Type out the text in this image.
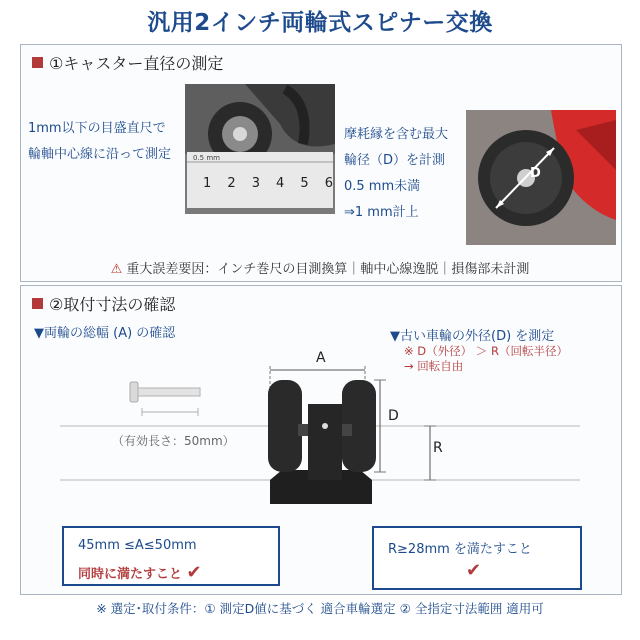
汎用2インチ両輪式スピナー交換
①キャスター直径の測定
1mm以下の目盛直尺で
輪軸中心線に沿って測定	0.5 mm
1 2 3 4 5 6
摩耗縁を含む最大
輪径（D）を計測
0.5 mm未満
⇒1 mm計上
D
⚠ 重大誤差要因：インチ巻尺の目測換算｜軸中心線逸脱｜損傷部未計測
②取付寸法の確認
▼両輪の総幅 (A) の確認	▼古い車輪の外径(D) を測定
※ D（外径） ＞ R（回転半径）
→ 回転自由
A
D
R
（有効長さ：50mm）
45mm ≤A≤50mm
同時に満たすこと ✔
R≥28mm を満たすこと
✔
※ 選定･取付条件：① 測定D値に基づく 適合車輪選定 ② 全指定寸法範囲 適用可
